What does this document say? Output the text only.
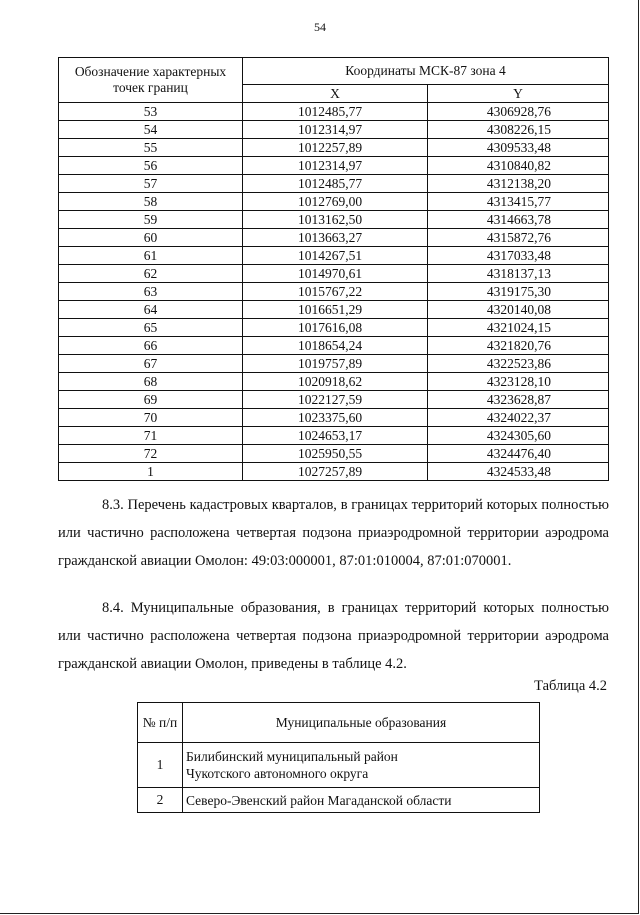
54
Обозначение характерных точек границ	Координаты МСК-87 зона 4	
	X	Y
53	1012485,77	4306928,76
54	1012314,97	4308226,15
55	1012257,89	4309533,48
56	1012314,97	4310840,82
57	1012485,77	4312138,20
58	1012769,00	4313415,77
59	1013162,50	4314663,78
60	1013663,27	4315872,76
61	1014267,51	4317033,48
62	1014970,61	4318137,13
63	1015767,22	4319175,30
64	1016651,29	4320140,08
65	1017616,08	4321024,15
66	1018654,24	4321820,76
67	1019757,89	4322523,86
68	1020918,62	4323128,10
69	1022127,59	4323628,87
70	1023375,60	4324022,37
71	1024653,17	4324305,60
72	1025950,55	4324476,40
1	1027257,89	4324533,48

8.3. Перечень кадастровых кварталов, в границах территорий которых полностью или частично расположена четвертая подзона приаэродромной территории аэродрома гражданской авиации Омолон: 49:03:000001, 87:01:010004, 87:01:070001.

8.4. Муниципальные образования, в границах территорий которых полностью или частично расположена четвертая подзона приаэродромной территории аэродрома гражданской авиации Омолон, приведены в таблице 4.2.

Таблица 4.2
№ п/п	Муниципальные образования
1	Билибинский муниципальный район
Чукотского автономного округа
2	Северо-Эвенский район Магаданской области
